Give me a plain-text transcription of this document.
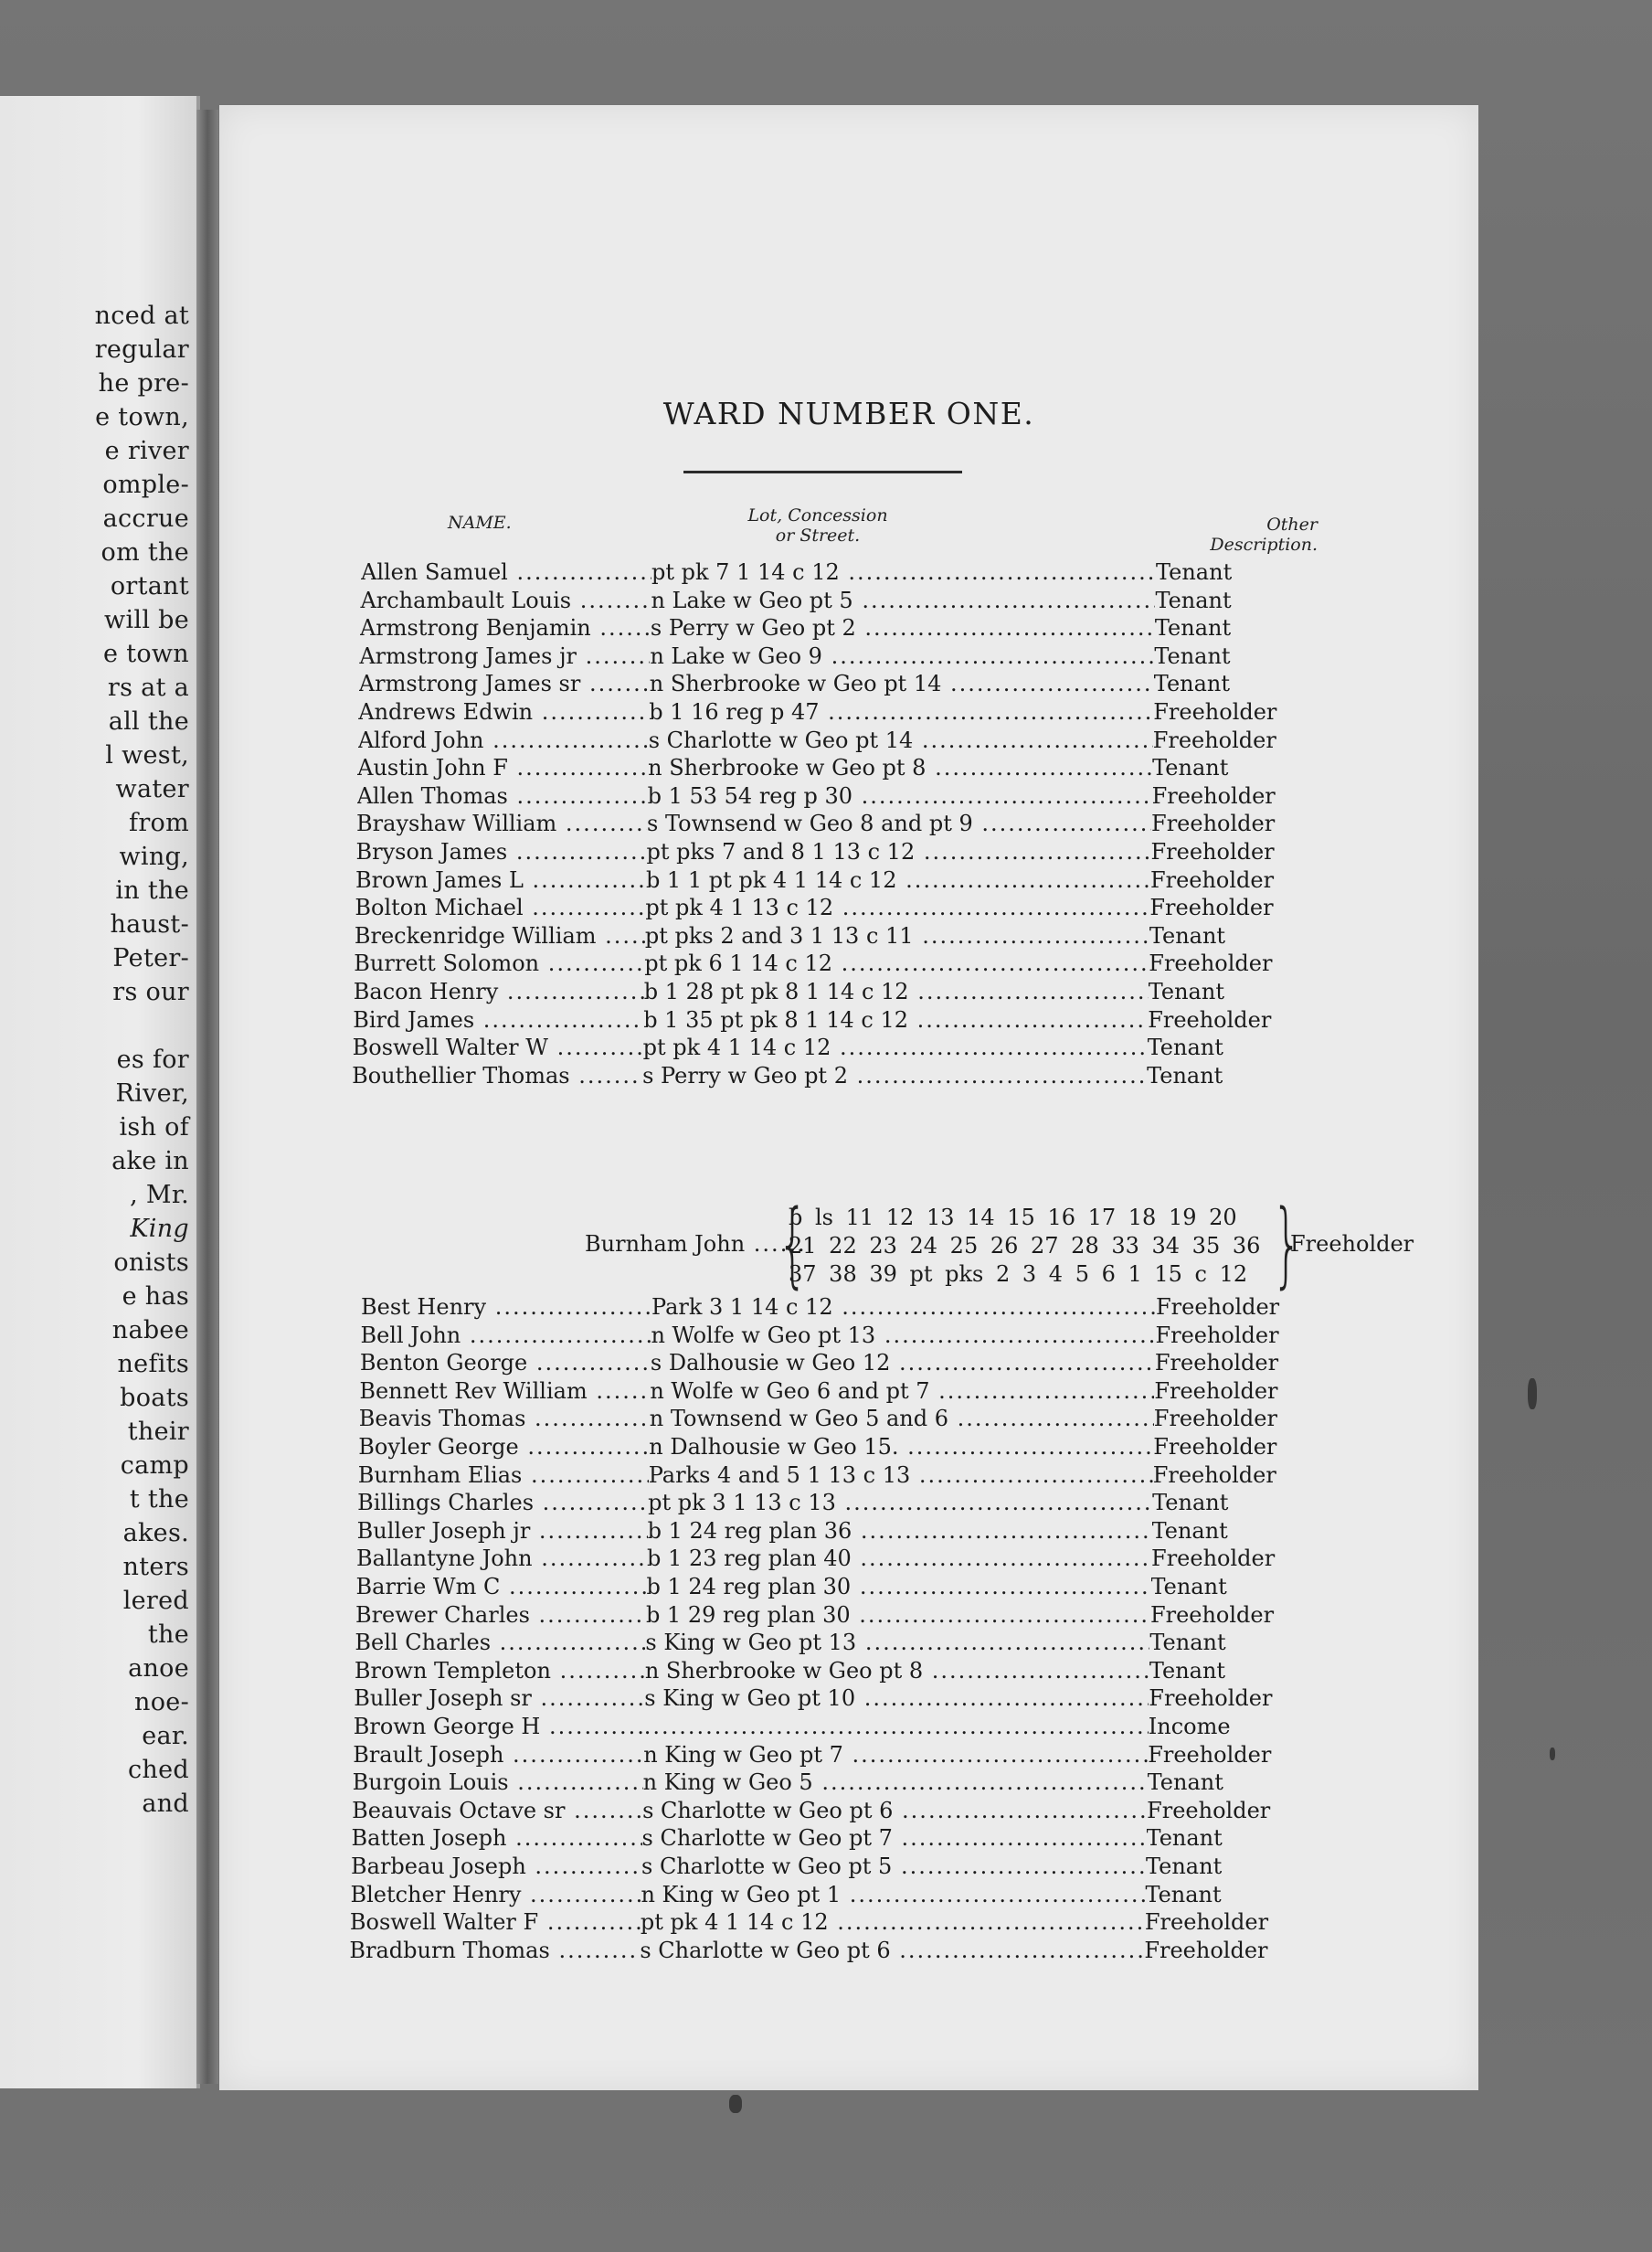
nced at
regular
he pre-
e town,
e river
omple-
accrue
om the
ortant
will be
e town
rs at a
all the
l west,
water
from
wing,
in the
haust-
Peter-
rs our
es for
River,
ish of
ake in
, Mr.
King
onists
e has
nabee
nefits
boats
their
camp
t the
akes.
nters
lered
the
anoe
noe-
ear.
ched
and
WARD NUMBER ONE.
NAME.	Lot, Concession
or Street.
Other
Description.
Allen Samuel .....	pt pk 7 1 14 c 12 .....	Tenant
Archambault Louis .....	n Lake w Geo pt 5 .....	Tenant
Armstrong Benjamin .....	s Perry w Geo pt 2 .....	Tenant
Armstrong James jr .....	n Lake w Geo 9 .....	Tenant
Armstrong James sr .....	n Sherbrooke w Geo pt 14 .....	Tenant
Andrews Edwin .....	b 1 16 reg p 47 .....	Freeholder
Alford John .....	s Charlotte w Geo pt 14 .....	Freeholder
Austin John F .....	n Sherbrooke w Geo pt 8 .....	Tenant
Allen Thomas .....	b 1 53 54 reg p 30 .....	Freeholder
Brayshaw William .....	s Townsend w Geo 8 and pt 9 .....	Freeholder
Bryson James .....	pt pks 7 and 8 1 13 c 12 .....	Freeholder
Brown James L .....	b 1 1 pt pk 4 1 14 c 12 .....	Freeholder
Bolton Michael .....	pt pk 4 1 13 c 12 .....	Freeholder
Breckenridge William .....	pt pks 2 and 3 1 13 c 11 .....	Tenant
Burrett Solomon .....	pt pk 6 1 14 c 12 .....	Freeholder
Bacon Henry .....	b 1 28 pt pk 8 1 14 c 12 .....	Tenant
Bird James .....	b 1 35 pt pk 8 1 14 c 12 .....	Freeholder
Boswell Walter W .....	pt pk 4 1 14 c 12 .....	Tenant
Bouthellier Thomas .....	s Perry w Geo pt 2 .....	Tenant
Burnham John ...... {
b ls 11 12 13 14 15 16 17 18 19 20
21 22 23 24 25 26 27 28 33 34 35 36
37 38 39 pt pks 2 3 4 5 6 1 15 c 12 }
Freeholder
Best Henry .....	Park 3 1 14 c 12 .....	Freeholder
Bell John .....	n Wolfe w Geo pt 13 .....	Freeholder
Benton George .....	s Dalhousie w Geo 12 .....	Freeholder
Bennett Rev William .....	n Wolfe w Geo 6 and pt 7 .....	Freeholder
Beavis Thomas .....	n Townsend w Geo 5 and 6 .....	Freeholder
Boyler George .....	n Dalhousie w Geo 15. .....	Freeholder
Burnham Elias .....	Parks 4 and 5 1 13 c 13 .....	Freeholder
Billings Charles .....	pt pk 3 1 13 c 13 .....	Tenant
Buller Joseph jr .....	b 1 24 reg plan 36 .....	Tenant
Ballantyne John .....	b 1 23 reg plan 40 .....	Freeholder
Barrie Wm C .....	b 1 24 reg plan 30 .....	Tenant
Brewer Charles .....	b 1 29 reg plan 30 .....	Freeholder
Bell Charles .....	s King w Geo pt 13 .....	Tenant
Brown Templeton .....	n Sherbrooke w Geo pt 8 .....	Tenant
Buller Joseph sr .....	s King w Geo pt 10 .....	Freeholder
Brown George H .....
.....	Income
Brault Joseph .....	n King w Geo pt 7 .....	Freeholder
Burgoin Louis .....	n King w Geo 5 .....	Tenant
Beauvais Octave sr .....	s Charlotte w Geo pt 6 .....	Freeholder
Batten Joseph .....	s Charlotte w Geo pt 7 .....	Tenant
Barbeau Joseph .....	s Charlotte w Geo pt 5 .....	Tenant
Bletcher Henry .....	n King w Geo pt 1 .....	Tenant
Boswell Walter F .....	pt pk 4 1 14 c 12 .....	Freeholder
Bradburn Thomas .....	s Charlotte w Geo pt 6 .....	Freeholder
